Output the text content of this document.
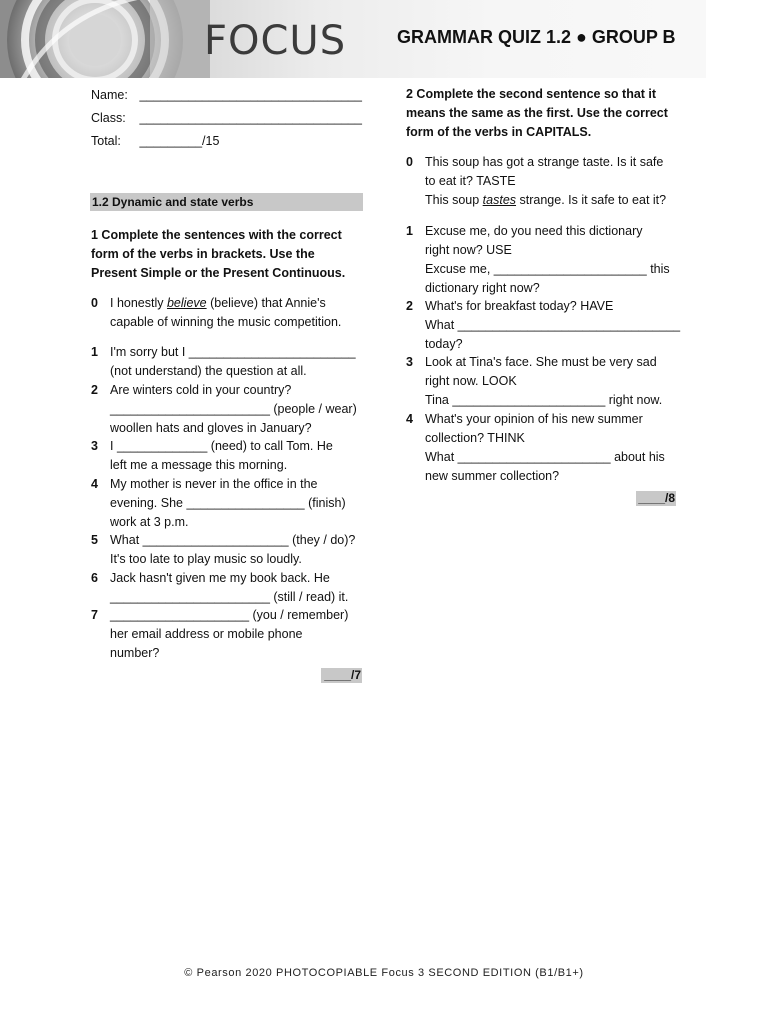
FOCUS	GRAMMAR QUIZ 1.2 ● GROUP B
Name: ________________________________
Class: ________________________________
Total: _________/15
1.2 Dynamic and state verbs
1 Complete the sentences with the correct
form of the verbs in brackets. Use the
Present Simple or the Present Continuous.
0 I honestly believe (believe) that Annie's
capable of winning the music competition.
1 I'm sorry but I ________________________
(not understand) the question at all.
2 Are winters cold in your country?
_______________________ (people / wear)
woollen hats and gloves in January?
3 I _____________ (need) to call Tom. He
left me a message this morning.
4 My mother is never in the office in the
evening. She _________________ (finish)
work at 3 p.m.
5 What _____________________ (they / do)?
It's too late to play music so loudly.
6 Jack hasn't given me my book back. He
_______________________ (still / read) it.
7 ____________________ (you / remember)
her email address or mobile phone
number?
____/7
2 Complete the second sentence so that it
means the same as the first. Use the correct
form of the verbs in CAPITALS.
0 This soup has got a strange taste. Is it safe
to eat it? TASTE
This soup tastes strange. Is it safe to eat it?
1 Excuse me, do you need this dictionary
right now? USE
Excuse me, ______________________ this
dictionary right now?
2 What's for breakfast today? HAVE
What ________________________________
today?
3 Look at Tina's face. She must be very sad
right now. LOOK
Tina ______________________ right now.
4 What's your opinion of his new summer
collection? THINK
What ______________________ about his
new summer collection?
____/8
© Pearson 2020 PHOTOCOPIABLE Focus 3 SECOND EDITION (B1/B1+)
